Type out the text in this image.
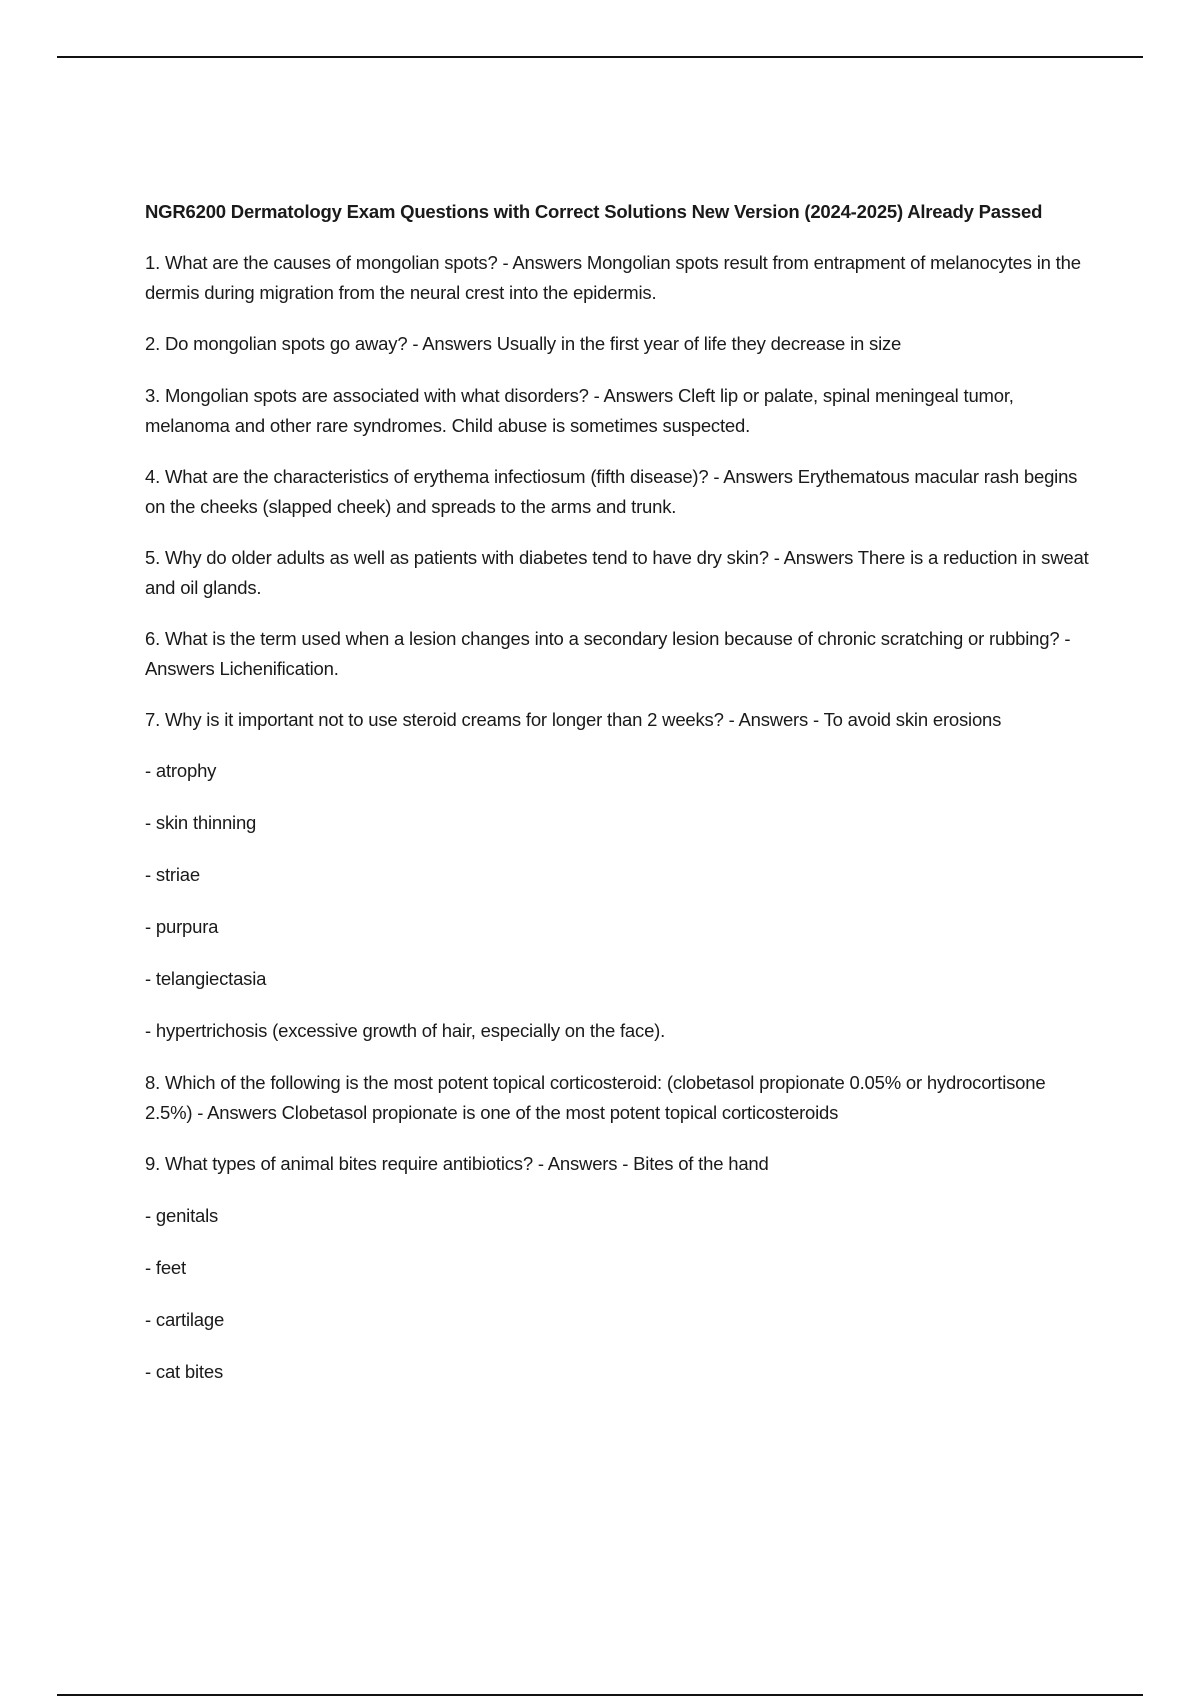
NGR6200 Dermatology Exam Questions with Correct Solutions New Version (2024-2025) Already Passed
1. What are the causes of mongolian spots? - Answers Mongolian spots result from entrapment of melanocytes in the dermis during migration from the neural crest into the epidermis.
2. Do mongolian spots go away? - Answers Usually in the first year of life they decrease in size
3. Mongolian spots are associated with what disorders? - Answers Cleft lip or palate, spinal meningeal tumor, melanoma and other rare syndromes. Child abuse is sometimes suspected.
4. What are the characteristics of erythema infectiosum (fifth disease)? - Answers Erythematous macular rash begins on the cheeks (slapped cheek) and spreads to the arms and trunk.
5. Why do older adults as well as patients with diabetes tend to have dry skin? - Answers There is a reduction in sweat and oil glands.
6. What is the term used when a lesion changes into a secondary lesion because of chronic scratching or rubbing? - Answers Lichenification.
7. Why is it important not to use steroid creams for longer than 2 weeks? - Answers - To avoid skin erosions
- atrophy
- skin thinning
- striae
- purpura
- telangiectasia
- hypertrichosis (excessive growth of hair, especially on the face).
8. Which of the following is the most potent topical corticosteroid: (clobetasol propionate 0.05% or hydrocortisone 2.5%) - Answers Clobetasol propionate is one of the most potent topical corticosteroids
9. What types of animal bites require antibiotics? - Answers - Bites of the hand
- genitals
- feet
- cartilage
- cat bites
